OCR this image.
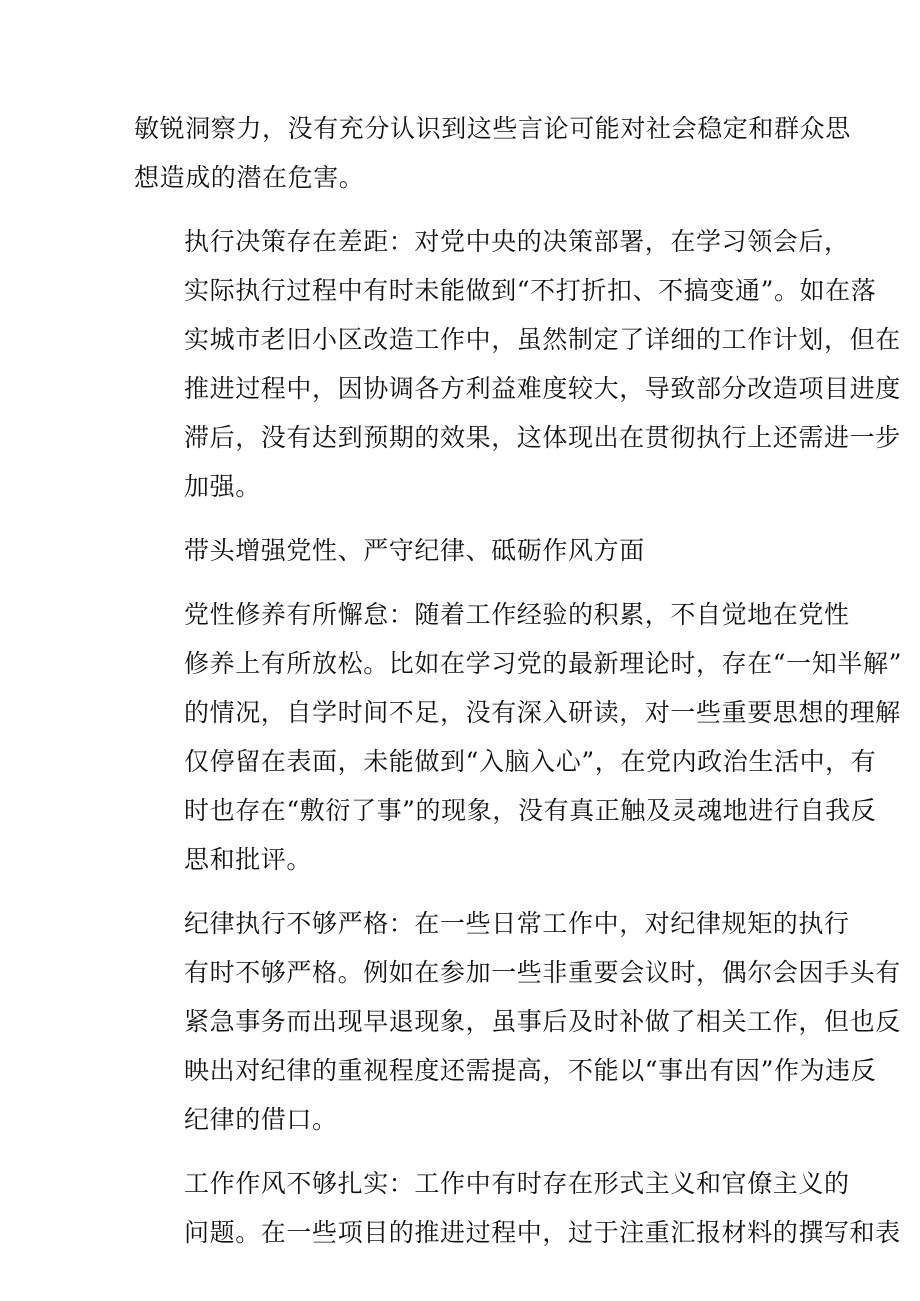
敏锐洞察力，没有充分认识到这些言论可能对社会稳定和群众思
想造成的潜在危害。

执行决策存在差距：对党中央的决策部署，在学习领会后，
实际执行过程中有时未能做到“不打折扣、不搞变通”。如在落
实城市老旧小区改造工作中，虽然制定了详细的工作计划，但在
推进过程中，因协调各方利益难度较大，导致部分改造项目进度
滞后，没有达到预期的效果，这体现出在贯彻执行上还需进一步
加强。

带头增强党性、严守纪律、砥砺作风方面

党性修养有所懈怠：随着工作经验的积累，不自觉地在党性
修养上有所放松。比如在学习党的最新理论时，存在“一知半解”
的情况，自学时间不足，没有深入研读，对一些重要思想的理解
仅停留在表面，未能做到“入脑入心”，在党内政治生活中，有
时也存在“敷衍了事”的现象，没有真正触及灵魂地进行自我反
思和批评。

纪律执行不够严格：在一些日常工作中，对纪律规矩的执行
有时不够严格。例如在参加一些非重要会议时，偶尔会因手头有
紧急事务而出现早退现象，虽事后及时补做了相关工作，但也反
映出对纪律的重视程度还需提高，不能以“事出有因”作为违反
纪律的借口。

工作作风不够扎实：工作中有时存在形式主义和官僚主义的
问题。在一些项目的推进过程中，过于注重汇报材料的撰写和表
